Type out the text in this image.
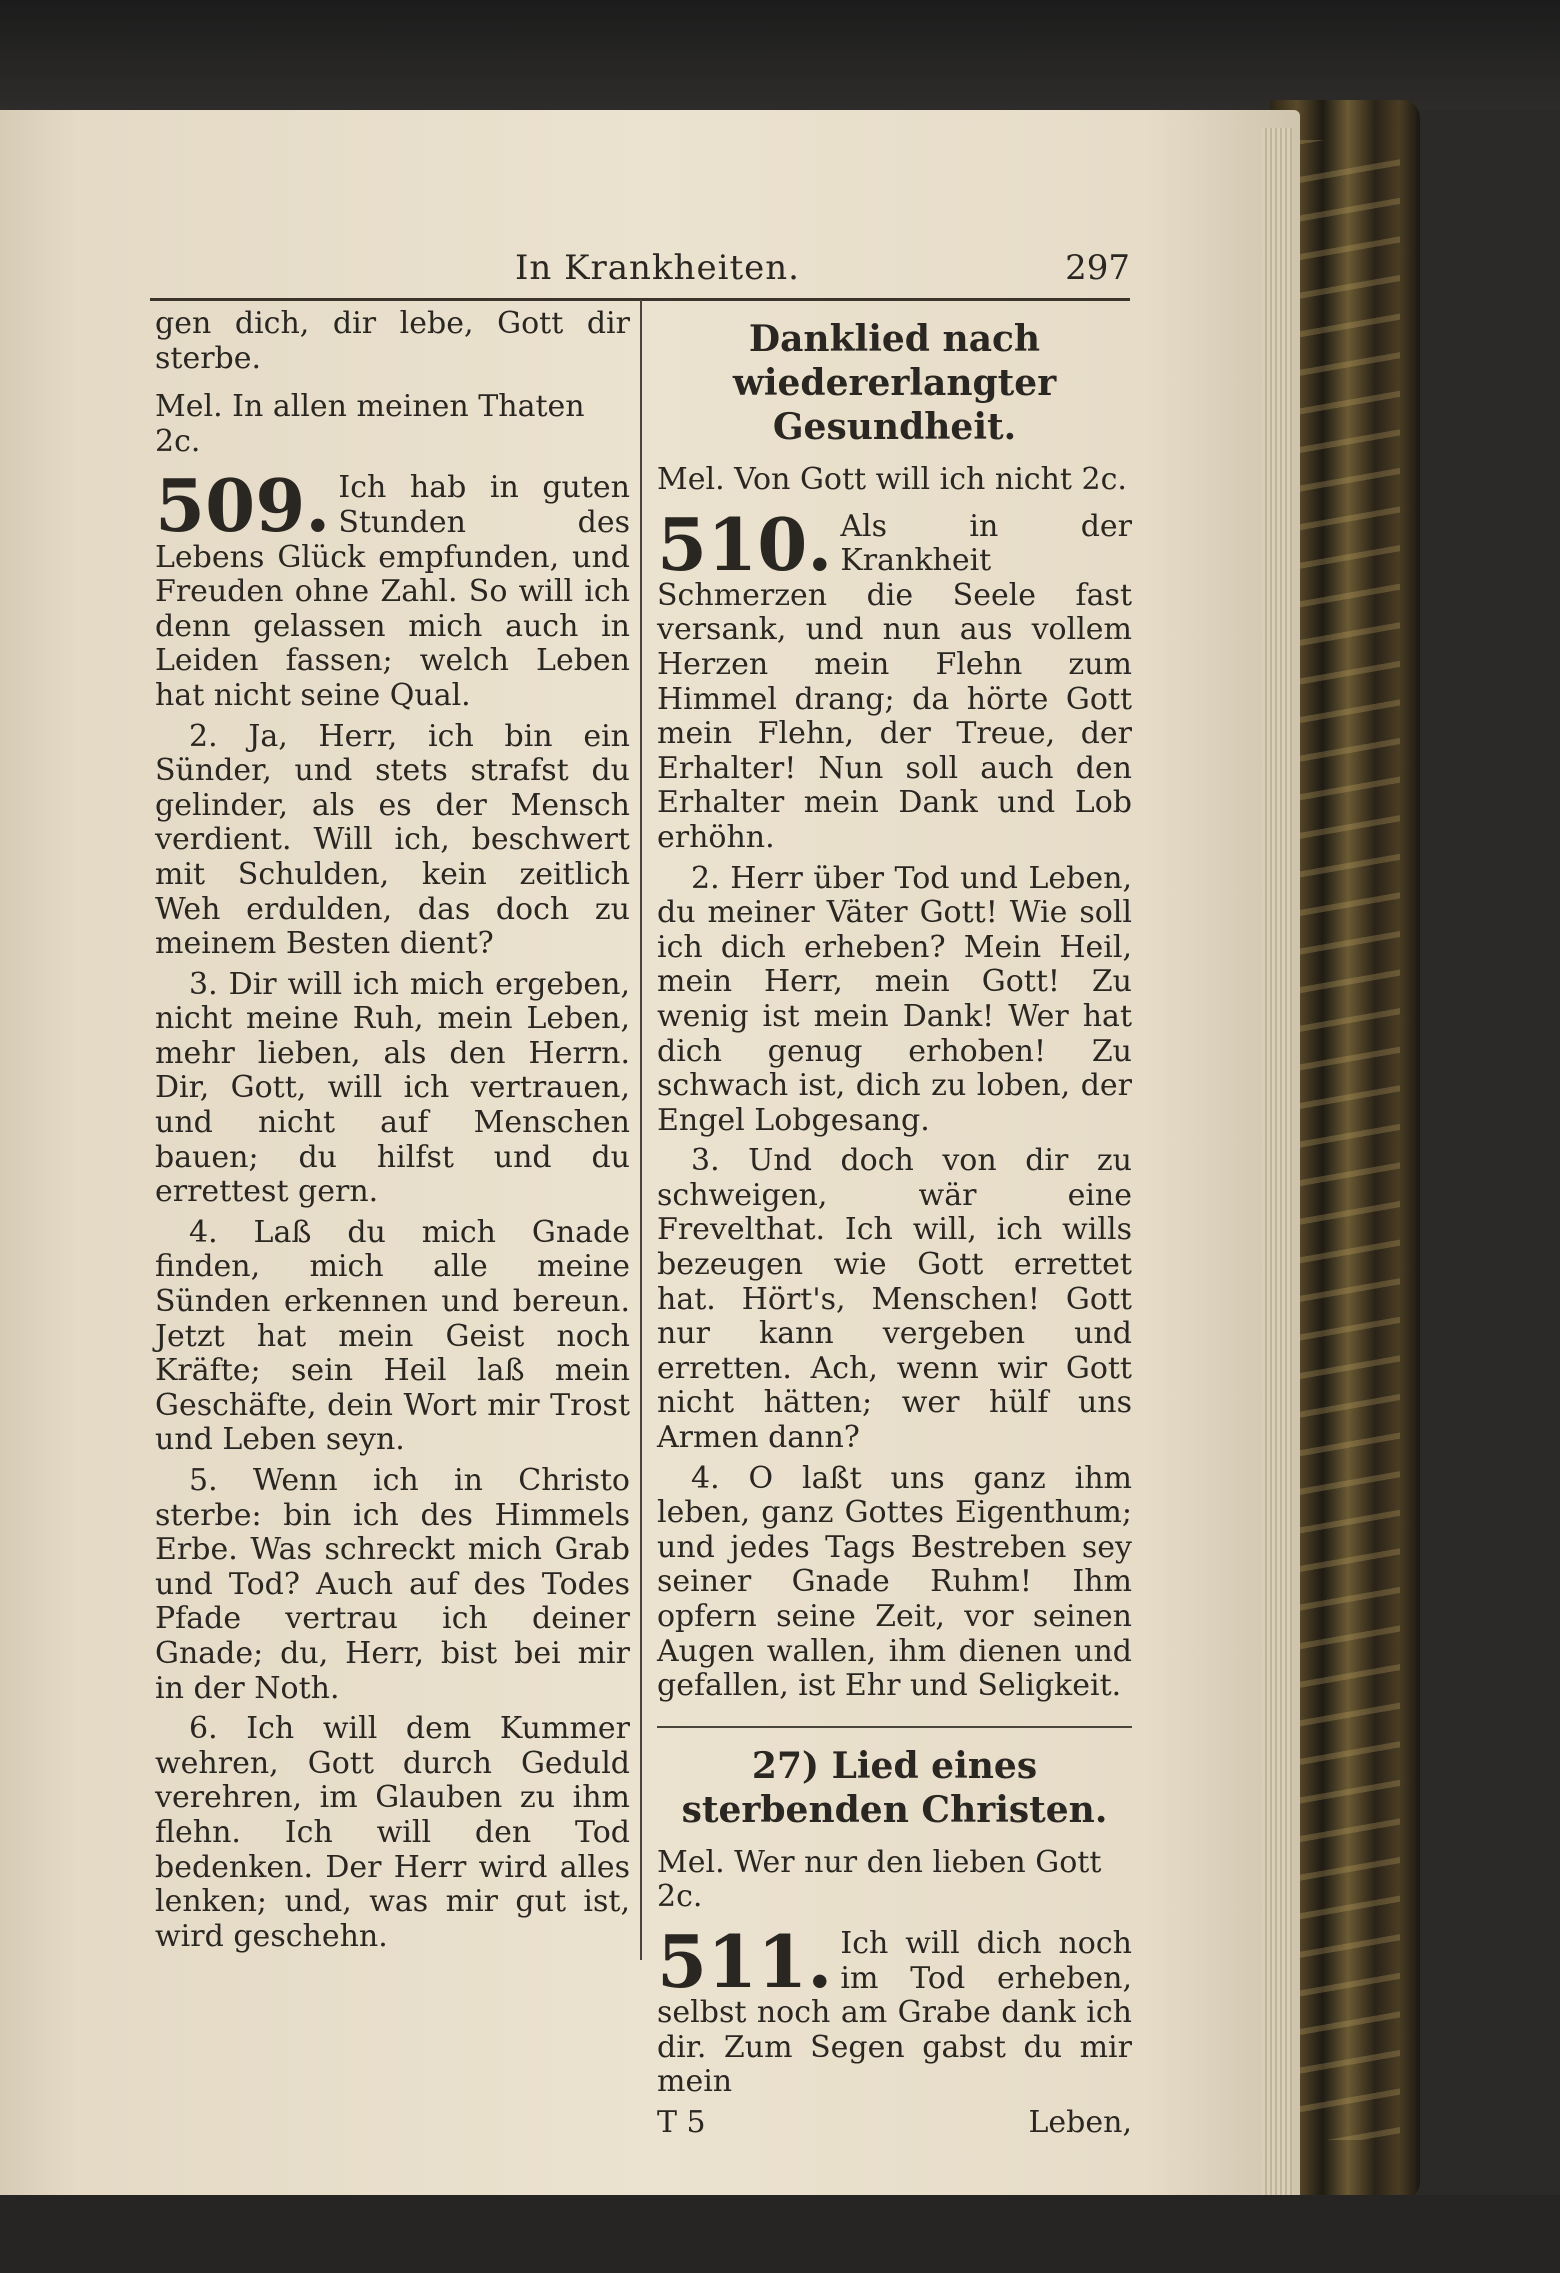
In Krankheiten.	297

gen dich, dir lebe, Gott dir sterbe.

Mel. In allen meinen Thaten 2c.

509. Ich hab in guten Stunden des Lebens Glück empfunden, und Freuden ohne Zahl. So will ich denn gelassen mich auch in Leiden fassen; welch Leben hat nicht seine Qual.

2. Ja, Herr, ich bin ein Sünder, und stets strafst du gelinder, als es der Mensch verdient. Will ich, beschwert mit Schulden, kein zeitlich Weh erdulden, das doch zu meinem Besten dient?

3. Dir will ich mich ergeben, nicht meine Ruh, mein Leben, mehr lieben, als den Herrn. Dir, Gott, will ich vertrauen, und nicht auf Menschen bauen; du hilfst und du errettest gern.

4. Laß du mich Gnade finden, mich alle meine Sünden erkennen und bereun. Jetzt hat mein Geist noch Kräfte; sein Heil laß mein Geschäfte, dein Wort mir Trost und Leben seyn.

5. Wenn ich in Christo sterbe: bin ich des Himmels Erbe. Was schreckt mich Grab und Tod? Auch auf des Todes Pfade vertrau ich deiner Gnade; du, Herr, bist bei mir in der Noth.

6. Ich will dem Kummer wehren, Gott durch Geduld verehren, im Glauben zu ihm flehn. Ich will den Tod bedenken. Der Herr wird alles lenken; und, was mir gut ist, wird geschehn.

Danklied nach wiedererlangter Gesundheit.

Mel. Von Gott will ich nicht 2c.

510. Als in der Krankheit Schmerzen die Seele fast versank, und nun aus vollem Herzen mein Flehn zum Himmel drang; da hörte Gott mein Flehn, der Treue, der Erhalter! Nun soll auch den Erhalter mein Dank und Lob erhöhn.

2. Herr über Tod und Leben, du meiner Väter Gott! Wie soll ich dich erheben? Mein Heil, mein Herr, mein Gott! Zu wenig ist mein Dank! Wer hat dich genug erhoben! Zu schwach ist, dich zu loben, der Engel Lobgesang.

3. Und doch von dir zu schweigen, wär eine Frevelthat. Ich will, ich wills bezeugen wie Gott errettet hat. Hört's, Menschen! Gott nur kann vergeben und erretten. Ach, wenn wir Gott nicht hätten; wer hülf uns Armen dann?

4. O laßt uns ganz ihm leben, ganz Gottes Eigenthum; und jedes Tags Bestreben sey seiner Gnade Ruhm! Ihm opfern seine Zeit, vor seinen Augen wallen, ihm dienen und gefallen, ist Ehr und Seligkeit.

27) Lied eines sterbenden Christen.

Mel. Wer nur den lieben Gott 2c.

511. Ich will dich noch im Tod erheben, selbst noch am Grabe dank ich dir. Zum Segen gabst du mir mein

T 5	Leben,
